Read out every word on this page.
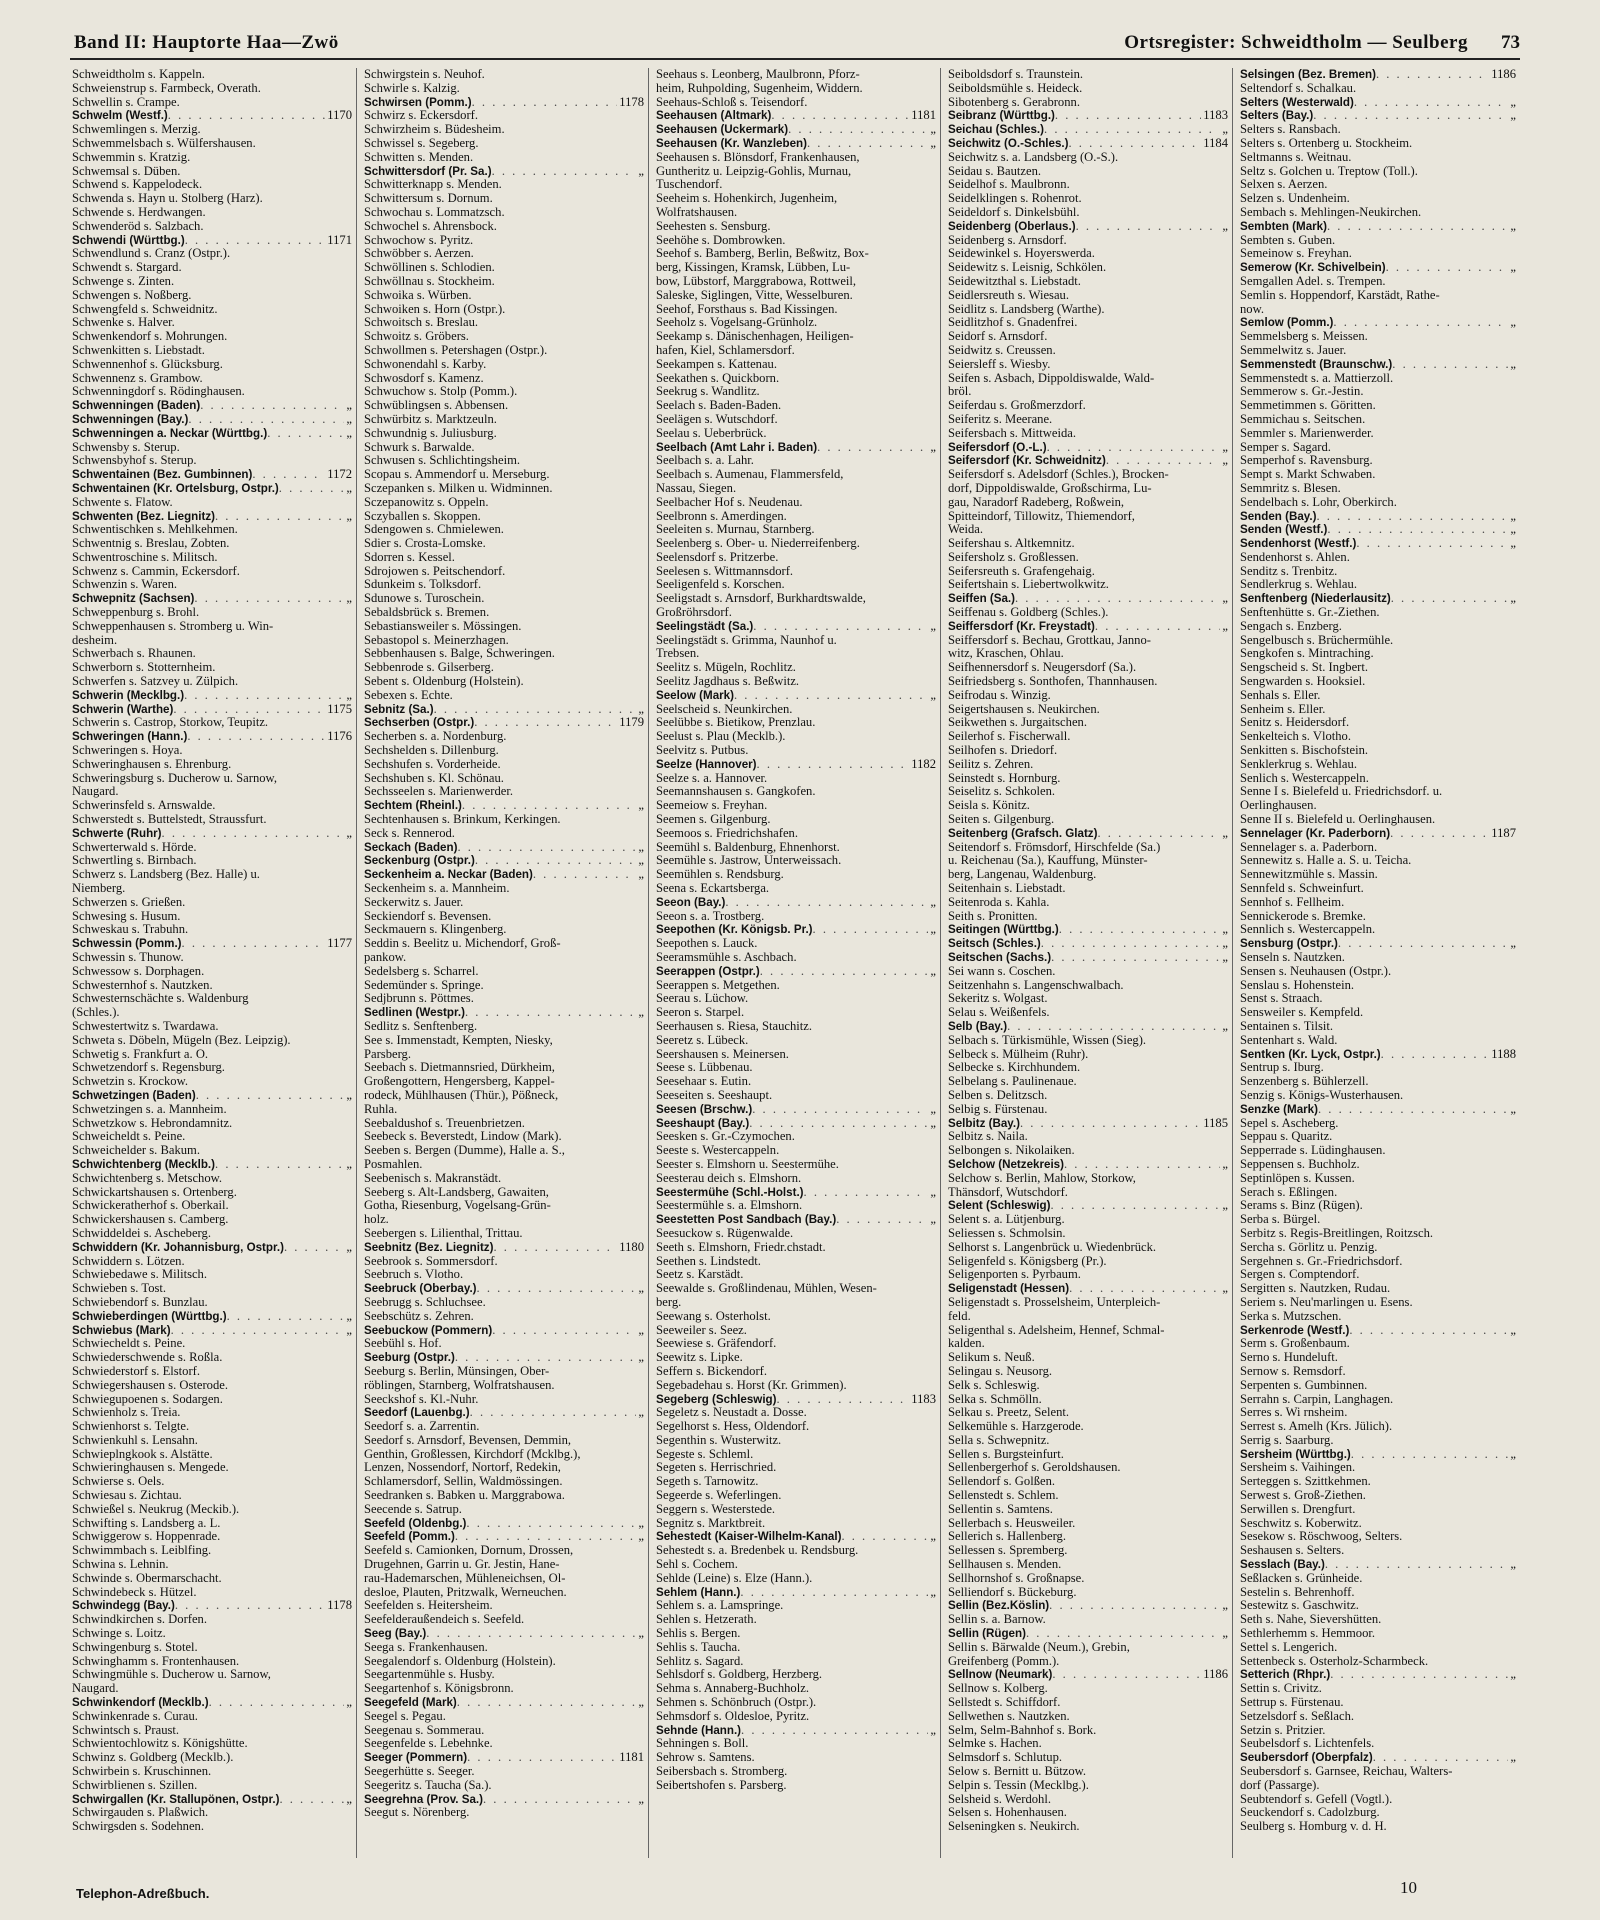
Band II: Hauptorte Haa—Zwö	Ortsregister: Schweidtholm — Seulberg 73
Schweidtholm s. Kappeln.
Schweienstrup s. Farmbeck, Overath.
Schwellin s. Crampe.
Schwelm (Westf.) . . .	1170
Schwemlingen s. Merzig.
Schwemmelsbach s. Wülfershausen.
Schwemmin s. Kratzig.
Schwemsal s. Düben.
Schwend s. Kappelodeck.
Schwenda s. Hayn u. Stolberg (Harz).
Schwende s. Herdwangen.
Schwenderöd s. Salzbach.
Schwendi (Württbg.) . . .	1171
Schwendlund s. Cranz (Ostpr.).
Schwendt s. Stargard.
Schwenge s. Zinten.
Schwengen s. Noßberg.
Schwengfeld s. Schweidnitz.
Schwenke s. Halver.
Schwenkendorf s. Mohrungen.
Schwenkitten s. Liebstadt.
Schwennenhof s. Glücksburg.
Schwennenz s. Grambow.
Schwenningdorf s. Rödinghausen.
Schwenningen (Baden) . . .	„
Schwenningen (Bay.) . . .	„
Schwenningen a. Neckar (Württbg.) . . .	„
Schwensby s. Sterup.
Schwensbyhof s. Sterup.
Schwentainen (Bez. Gumbinnen) . . .	1172
Schwentainen (Kr. Ortelsburg, Ostpr.) . . .	„
Schwente s. Flatow.
Schwenten (Bez. Liegnitz) . . .	„
Schwentischken s. Mehlkehmen.
Schwentnig s. Breslau, Zobten.
Schwentroschine s. Militsch.
Schwenz s. Cammin, Eckersdorf.
Schwenzin s. Waren.
Schwepnitz (Sachsen) . . .	„
Schweppenburg s. Brohl.
Schweppenhausen s. Stromberg u. Win-
desheim.
Schwerbach s. Rhaunen.
Schwerborn s. Stotternheim.
Schwerfen s. Satzvey u. Zülpich.
Schwerin (Mecklbg.) . . .	„
Schwerin (Warthe) . . .	1175
Schwerin s. Castrop, Storkow, Teupitz.
Schweringen (Hann.) . . .	1176
Schweringen s. Hoya.
Schweringhausen s. Ehrenburg.
Schweringsburg s. Ducherow u. Sarnow,
Naugard.
Schwerinsfeld s. Arnswalde.
Schwerstedt s. Buttelstedt, Straussfurt.
Schwerte (Ruhr) . . .	„
Schwerterwald s. Hörde.
Schwertling s. Birnbach.
Schwerz s. Landsberg (Bez. Halle) u.
Niemberg.
Schwerzen s. Grießen.
Schwesing s. Husum.
Schweskau s. Trabuhn.
Schwessin (Pomm.) . . .	1177
Schwessin s. Thunow.
Schwessow s. Dorphagen.
Schwesternhof s. Nautzken.
Schwesternschächte s. Waldenburg
(Schles.).
Schwestertwitz s. Twardawa.
Schweta s. Döbeln, Mügeln (Bez. Leipzig).
Schwetig s. Frankfurt a. O.
Schwetzendorf s. Regensburg.
Schwetzin s. Krockow.
Schwetzingen (Baden) . . .	„
Schwetzingen s. a. Mannheim.
Schwetzkow s. Hebrondamnitz.
Schweicheldt s. Peine.
Schweichelder s. Bakum.
Schwichtenberg (Mecklb.) . . .	„
Schwichtenberg s. Metschow.
Schwickartshausen s. Ortenberg.
Schwickeratherhof s. Oberkail.
Schwickershausen s. Camberg.
Schwiddeldei s. Ascheberg.
Schwiddern (Kr. Johannisburg, Ostpr.) . . .	„
Schwiddern s. Lötzen.
Schwiebedawe s. Militsch.
Schwieben s. Tost.
Schwiebendorf s. Bunzlau.
Schwieberdingen (Württbg.) . . .	„
Schwiebus (Mark) . . .	„
Schwiecheldt s. Peine.
Schwiederschwende s. Roßla.
Schwiederstorf s. Elstorf.
Schwiegershausen s. Osterode.
Schwiegupoenen s. Sodargen.
Schwienholz s. Treia.
Schwienhorst s. Telgte.
Schwienkuhl s. Lensahn.
Schwieplngkook s. Alstätte.
Schwieringhausen s. Mengede.
Schwierse s. Oels.
Schwiesau s. Zichtau.
Schwießel s. Neukrug (Meckib.).
Schwifting s. Landsberg a. L.
Schwiggerow s. Hoppenrade.
Schwimmbach s. Leiblfing.
Schwina s. Lehnin.
Schwinde s. Obermarschacht.
Schwindebeck s. Hützel.
Schwindegg (Bay.) . . .	1178
Schwindkirchen s. Dorfen.
Schwinge s. Loitz.
Schwingenburg s. Stotel.
Schwinghamm s. Frontenhausen.
Schwingmühle s. Ducherow u. Sarnow,
Naugard.
Schwinkendorf (Mecklb.) . . .	„
Schwinkenrade s. Curau.
Schwintsch s. Praust.
Schwientochlowitz s. Königshütte.
Schwinz s. Goldberg (Mecklb.).
Schwirbein s. Kruschinnen.
Schwirblienen s. Szillen.
Schwirgallen (Kr. Stallupönen, Ostpr.) . . .	„
Schwirgauden s. Plaßwich.
Schwirgsden s. Sodehnen.
Schwirgstein s. Neuhof.
Schwirle s. Kalzig.
Schwirsen (Pomm.) . . .	1178
Schwirz s. Eckersdorf.
Schwirzheim s. Büdesheim.
Schwissel s. Segeberg.
Schwitten s. Menden.
Schwittersdorf (Pr. Sa.) . . .	„
Schwitterknapp s. Menden.
Schwittersum s. Dornum.
Schwochau s. Lommatzsch.
Schwochel s. Ahrensbock.
Schwochow s. Pyritz.
Schwöbber s. Aerzen.
Schwöllinen s. Schlodien.
Schwöllnau s. Stockheim.
Schwoika s. Würben.
Schwoiken s. Horn (Ostpr.).
Schwoitsch s. Breslau.
Schwoitz s. Gröbers.
Schwollmen s. Petershagen (Ostpr.).
Schwonendahl s. Karby.
Schwosdorf s. Kamenz.
Schwuchow s. Stolp (Pomm.).
Schwüblingsen s. Abbensen.
Schwürbitz s. Marktzeuln.
Schwundnig s. Juliusburg.
Schwurk s. Barwalde.
Schwusen s. Schlichtingsheim.
Scopau s. Ammendorf u. Merseburg.
Sczepanken s. Milken u. Widminnen.
Sczepanowitz s. Oppeln.
Sczyballen s. Skoppen.
Sdengowen s. Chmielewen.
Sdier s. Crosta-Lomske.
Sdorren s. Kessel.
Sdrojowen s. Peitschendorf.
Sdunkeim s. Tolksdorf.
Sdunowe s. Turoschein.
Sebaldsbrück s. Bremen.
Sebastiansweiler s. Mössingen.
Sebastopol s. Meinerzhagen.
Sebbenhausen s. Balge, Schweringen.
Sebbenrode s. Gilserberg.
Sebent s. Oldenburg (Holstein).
Sebexen s. Echte.
Sebnitz (Sa.) . . .	„
Sechserben (Ostpr.) . . .	1179
Secherben s. a. Nordenburg.
Sechshelden s. Dillenburg.
Sechshufen s. Vorderheide.
Sechshuben s. Kl. Schönau.
Sechsseelen s. Marienwerder.
Sechtem (Rheinl.) . . .	„
Sechtenhausen s. Brinkum, Kerkingen.
Seck s. Rennerod.
Seckach (Baden) . . .	„
Seckenburg (Ostpr.) . . .	„
Seckenheim a. Neckar (Baden) . . .	„
Seckenheim s. a. Mannheim.
Seckerwitz s. Jauer.
Seckiendorf s. Bevensen.
Seckmauern s. Klingenberg.
Seddin s. Beelitz u. Michendorf, Groß-
pankow.
Sedelsberg s. Scharrel.
Sedemünder s. Springe.
Sedjbrunn s. Pöttmes.
Sedlinen (Westpr.) . . .	„
Sedlitz s. Senftenberg.
See s. Immenstadt, Kempten, Niesky,
Parsberg.
Seebach s. Dietmannsried, Dürkheim,
Großengottern, Hengersberg, Kappel-
rodeck, Mühlhausen (Thür.), Pößneck,
Ruhla.
Seebaldushof s. Treuenbrietzen.
Seebeck s. Beverstedt, Lindow (Mark).
Seeben s. Bergen (Dumme), Halle a. S.,
Posmahlen.
Seebenisch s. Makranstädt.
Seeberg s. Alt-Landsberg, Gawaiten,
Gotha, Riesenburg, Vogelsang-Grün-
holz.
Seebergen s. Lilienthal, Trittau.
Seebnitz (Bez. Liegnitz) . . .	1180
Seebrook s. Sommersdorf.
Seebruch s. Vlotho.
Seebruck (Oberbay.) . . .	„
Seebrugg s. Schluchsee.
Seebschütz s. Zehren.
Seebuckow (Pommern) . . .	„
Seebühl s. Hof.
Seeburg (Ostpr.) . . .	„
Seeburg s. Berlin, Münsingen, Ober-
röblingen, Starnberg, Wolfratshausen.
Seeckshof s. Kl.-Nuhr.
Seedorf (Lauenbg.) . . .	„
Seedorf s. a. Zarrentin.
Seedorf s. Arnsdorf, Bevensen, Demmin,
Genthin, Großlessen, Kirchdorf (Mcklbg.),
Lenzen, Nossendorf, Nortorf, Redekin,
Schlamersdorf, Sellin, Waldmössingen.
Seedranken s. Babken u. Marggrabowa.
Seecende s. Satrup.
Seefeld (Oldenbg.) . . .	„
Seefeld (Pomm.) . . .	„
Seefeld s. Camionken, Dornum, Drossen,
Drugehnen, Garrin u. Gr. Jestin, Hane-
rau-Hademarschen, Mühleneichsen, Ol-
desloe, Plauten, Pritzwalk, Werneuchen.
Seefelden s. Heitersheim.
Seefelderaußendeich s. Seefeld.
Seeg (Bay.) . . .	„
Seega s. Frankenhausen.
Seegalendorf s. Oldenburg (Holstein).
Seegartenmühle s. Husby.
Seegartenhof s. Königsbronn.
Seegefeld (Mark) . . .	„
Seegel s. Pegau.
Seegenau s. Sommerau.
Seegenfelde s. Lebehnke.
Seeger (Pommern) . . .	1181
Seegerhütte s. Seeger.
Seegeritz s. Taucha (Sa.).
Seegrehna (Prov. Sa.) . . .	„
Seegut s. Nörenberg.
Seehaus s. Leonberg, Maulbronn, Pforz-
heim, Ruhpolding, Sugenheim, Widdern.
Seehaus-Schloß s. Teisendorf.
Seehausen (Altmark) . . .	1181
Seehausen (Uckermark) . . .	„
Seehausen (Kr. Wanzleben) . . .	„
Seehausen s. Blönsdorf, Frankenhausen,
Guntheritz u. Leipzig-Gohlis, Murnau,
Tuschendorf.
Seeheim s. Hohenkirch, Jugenheim,
Wolfratshausen.
Seehesten s. Sensburg.
Seehöhe s. Dombrowken.
Seehof s. Bamberg, Berlin, Beßwitz, Box-
berg, Kissingen, Kramsk, Lübben, Lu-
bow, Lübstorf, Marggrabowa, Rottweil,
Saleske, Siglingen, Vitte, Wesselburen.
Seehof, Forsthaus s. Bad Kissingen.
Seeholz s. Vogelsang-Grünholz.
Seekamp s. Dänischenhagen, Heiligen-
hafen, Kiel, Schlamersdorf.
Seekampen s. Kattenau.
Seekathen s. Quickborn.
Seekrug s. Wandlitz.
Seelach s. Baden-Baden.
Seelägen s. Wutschdorf.
Seelau s. Ueberbrück.
Seelbach (Amt Lahr i. Baden) . . .	„
Seelbach s. a. Lahr.
Seelbach s. Aumenau, Flammersfeld,
Nassau, Siegen.
Seelbacher Hof s. Neudenau.
Seelbronn s. Amerdingen.
Seeleiten s. Murnau, Starnberg.
Seelenberg s. Ober- u. Niederreifenberg.
Seelensdorf s. Pritzerbe.
Seelesen s. Wittmannsdorf.
Seeligenfeld s. Korschen.
Seeligstadt s. Arnsdorf, Burkhardtswalde,
Großröhrsdorf.
Seelingstädt (Sa.) . . .	„
Seelingstädt s. Grimma, Naunhof u.
Trebsen.
Seelitz s. Mügeln, Rochlitz.
Seelitz Jagdhaus s. Beßwitz.
Seelow (Mark) . . .	„
Seelscheid s. Neunkirchen.
Seelübbe s. Bietikow, Prenzlau.
Seelust s. Plau (Mecklb.).
Seelvitz s. Putbus.
Seelze (Hannover) . . .	1182
Seelze s. a. Hannover.
Seemannshausen s. Gangkofen.
Seemeiow s. Freyhan.
Seemen s. Gilgenburg.
Seemoos s. Friedrichshafen.
Seemühl s. Baldenburg, Ehnenhorst.
Seemühle s. Jastrow, Unterweissach.
Seemühlen s. Rendsburg.
Seena s. Eckartsberga.
Seeon (Bay.) . . .	„
Seeon s. a. Trostberg.
Seepothen (Kr. Königsb. Pr.) . . .	„
Seepothen s. Lauck.
Seeramsmühle s. Aschbach.
Seerappen (Ostpr.) . . .	„
Seerappen s. Metgethen.
Seerau s. Lüchow.
Seeron s. Starpel.
Seerhausen s. Riesa, Stauchitz.
Seeretz s. Lübeck.
Seershausen s. Meinersen.
Seese s. Lübbenau.
Seesehaar s. Eutin.
Seeseiten s. Seeshaupt.
Seesen (Brschw.) . . .	„
Seeshaupt (Bay.) . . .	„
Seesken s. Gr.-Czymochen.
Seeste s. Westercappeln.
Seester s. Elmshorn u. Seestermühe.
Seesterau deich s. Elmshorn.
Seestermühe (Schl.-Holst.) . . .	„
Seestermühle s. a. Elmshorn.
Seestetten Post Sandbach (Bay.) . . .	„
Seesuckow s. Rügenwalde.
Seeth s. Elmshorn, Friedr.chstadt.
Seethen s. Lindstedt.
Seetz s. Karstädt.
Seewalde s. Großlindenau, Mühlen, Wesen-
berg.
Seewang s. Osterholst.
Seeweiler s. Seez.
Seewiese s. Gräfendorf.
Seewitz s. Lipke.
Seffern s. Bickendorf.
Segebadehau s. Horst (Kr. Grimmen).
Segeberg (Schleswig) . . .	1183
Segeletz s. Neustadt a. Dosse.
Segelhorst s. Hess, Oldendorf.
Segenthin s. Wusterwitz.
Segeste s. Schleml.
Segeten s. Herrischried.
Segeth s. Tarnowitz.
Segeerde s. Weferlingen.
Seggern s. Westerstede.
Segnitz s. Marktbreit.
Sehestedt (Kaiser-Wilhelm-Kanal) . . .	„
Sehestedt s. a. Bredenbek u. Rendsburg.
Sehl s. Cochem.
Sehlde (Leine) s. Elze (Hann.).
Sehlem (Hann.) . . .	„
Sehlem s. a. Lamspringe.
Sehlen s. Hetzerath.
Sehlis s. Bergen.
Sehlis s. Taucha.
Sehlitz s. Sagard.
Sehlsdorf s. Goldberg, Herzberg.
Sehma s. Annaberg-Buchholz.
Sehmen s. Schönbruch (Ostpr.).
Sehmsdorf s. Oldesloe, Pyritz.
Sehnde (Hann.) . . .	„
Sehningen s. Boll.
Sehrow s. Samtens.
Seibersbach s. Stromberg.
Seibertshofen s. Parsberg.
Seiboldsdorf s. Traunstein.
Seiboldsmühle s. Heideck.
Sibotenberg s. Gerabronn.
Seibranz (Württbg.) . . .	1183
Seichau (Schles.) . . .	„
Seichwitz (O.-Schles.) . . .	1184
Seichwitz s. a. Landsberg (O.-S.).
Seidau s. Bautzen.
Seidelhof s. Maulbronn.
Seidelklingen s. Rohenrot.
Seideldorf s. Dinkelsbühl.
Seidenberg (Oberlaus.) . . .	„
Seidenberg s. Arnsdorf.
Seidewinkel s. Hoyerswerda.
Seidewitz s. Leisnig, Schkölen.
Seidewitzthal s. Liebstadt.
Seidlersreuth s. Wiesau.
Seidlitz s. Landsberg (Warthe).
Seidlitzhof s. Gnadenfrei.
Seidorf s. Arnsdorf.
Seidwitz s. Creussen.
Seiersleff s. Wiesby.
Seifen s. Asbach, Dippoldiswalde, Wald-
bröl.
Seiferdau s. Großmerzdorf.
Seiferitz s. Meerane.
Seifersbach s. Mittweida.
Seifersdorf (O.-L.) . . .	„
Seifersdorf (Kr. Schweidnitz) . . .	„
Seifersdorf s. Adelsdorf (Schles.), Brocken-
dorf, Dippoldiswalde, Großschirma, Lu-
gau, Naradorf Radeberg, Roßwein,
Spitteindorf, Tillowitz, Thiemendorf,
Weida.
Seifershau s. Altkemnitz.
Seifersholz s. Großlessen.
Seifersreuth s. Grafengehaig.
Seifertshain s. Liebertwolkwitz.
Seiffen (Sa.) . . .	„
Seiffenau s. Goldberg (Schles.).
Seiffersdorf (Kr. Freystadt) . . .	„
Seiffersdorf s. Bechau, Grottkau, Janno-
witz, Kraschen, Ohlau.
Seifhennersdorf s. Neugersdorf (Sa.).
Seifriedsberg s. Sonthofen, Thannhausen.
Seifrodau s. Winzig.
Seigertshausen s. Neukirchen.
Seikwethen s. Jurgaitschen.
Seilerhof s. Fischerwall.
Seilhofen s. Driedorf.
Seilitz s. Zehren.
Seinstedt s. Hornburg.
Seiselitz s. Schkolen.
Seisla s. Könitz.
Seiten s. Gilgenburg.
Seitenberg (Grafsch. Glatz) . . .	„
Seitendorf s. Frömsdorf, Hirschfelde (Sa.)
u. Reichenau (Sa.), Kauffung, Münster-
berg, Langenau, Waldenburg.
Seitenhain s. Liebstadt.
Seitenroda s. Kahla.
Seith s. Pronitten.
Seitingen (Württbg.) . . .	„
Seitsch (Schles.) . . .	„
Seitschen (Sachs.) . . .	„
Sei wann s. Coschen.
Seitzenhahn s. Langenschwalbach.
Sekeritz s. Wolgast.
Selau s. Weißenfels.
Selb (Bay.) . . .	„
Selbach s. Türkismühle, Wissen (Sieg).
Selbeck s. Mülheim (Ruhr).
Selbecke s. Kirchhundem.
Selbelang s. Paulinenaue.
Selben s. Delitzsch.
Selbig s. Fürstenau.
Selbitz (Bay.) . . .	1185
Selbitz s. Naila.
Selbongen s. Nikolaiken.
Selchow (Netzekreis) . . .	„
Selchow s. Berlin, Mahlow, Storkow,
Thänsdorf, Wutschdorf.
Selent (Schleswig) . . .	„
Selent s. a. Lütjenburg.
Seliessen s. Schmolsin.
Selhorst s. Langenbrück u. Wiedenbrück.
Seligenfeld s. Königsberg (Pr.).
Seligenporten s. Pyrbaum.
Seligenstadt (Hessen) . . .	„
Seligenstadt s. Prosselsheim, Unterpleich-
feld.
Seligenthal s. Adelsheim, Hennef, Schmal-
kalden.
Selikum s. Neuß.
Selingau s. Neusorg.
Selk s. Schleswig.
Selka s. Schmölln.
Selkau s. Preetz, Selent.
Selkemühle s. Harzgerode.
Sella s. Schwepnitz.
Sellen s. Burgsteinfurt.
Sellenbergerhof s. Geroldshausen.
Sellendorf s. Golßen.
Sellenstedt s. Schlem.
Sellentin s. Samtens.
Sellerbach s. Heusweiler.
Sellerich s. Hallenberg.
Sellessen s. Spremberg.
Sellhausen s. Menden.
Sellhornshof s. Großnapse.
Selliendorf s. Bückeburg.
Sellin (Bez.Köslin) . . .	„
Sellin s. a. Barnow.
Sellin (Rügen) . . .	„
Sellin s. Bärwalde (Neum.), Grebin,
Greifenberg (Pomm.).
Sellnow (Neumark) . . .	1186
Sellnow s. Kolberg.
Sellstedt s. Schiffdorf.
Sellwethen s. Nautzken.
Selm, Selm-Bahnhof s. Bork.
Selmke s. Hachen.
Selmsdorf s. Schlutup.
Selow s. Bernitt u. Bützow.
Selpin s. Tessin (Mecklbg.).
Selsheid s. Werdohl.
Selsen s. Hohenhausen.
Selseningken s. Neukirch.
Selsingen (Bez. Bremen) . . .	1186
Seltendorf s. Schalkau.
Selters (Westerwald) . . .	„
Selters (Bay.) . . .	„
Selters s. Ransbach.
Selters s. Ortenberg u. Stockheim.
Seltmanns s. Weitnau.
Seltz s. Golchen u. Treptow (Toll.).
Selxen s. Aerzen.
Selzen s. Undenheim.
Sembach s. Mehlingen-Neukirchen.
Sembten (Mark) . . .	„
Sembten s. Guben.
Semeinow s. Freyhan.
Semerow (Kr. Schivelbein) . . .	„
Semgallen Adel. s. Trempen.
Semlin s. Hoppendorf, Karstädt, Rathe-
now.
Semlow (Pomm.) . . .	„
Semmelsberg s. Meissen.
Semmelwitz s. Jauer.
Semmenstedt (Braunschw.) . . .	„
Semmenstedt s. a. Mattierzoll.
Semmerow s. Gr.-Jestin.
Semmetimmen s. Göritten.
Semmichau s. Seitschen.
Semmler s. Marienwerder.
Semper s. Sagard.
Semperhof s. Ravensburg.
Sempt s. Markt Schwaben.
Semmritz s. Blesen.
Sendelbach s. Lohr, Oberkirch.
Senden (Bay.) . . .	„
Senden (Westf.) . . .	„
Sendenhorst (Westf.) . . .	„
Sendenhorst s. Ahlen.
Senditz s. Trenbitz.
Sendlerkrug s. Wehlau.
Senftenberg (Niederlausitz) . . .	„
Senftenhütte s. Gr.-Ziethen.
Sengach s. Enzberg.
Sengelbusch s. Brüchermühle.
Sengkofen s. Mintraching.
Sengscheid s. St. Ingbert.
Sengwarden s. Hooksiel.
Senhals s. Eller.
Senheim s. Eller.
Senitz s. Heidersdorf.
Senkelteich s. Vlotho.
Senkitten s. Bischofstein.
Senklerkrug s. Wehlau.
Senlich s. Westercappeln.
Senne I s. Bielefeld u. Friedrichsdorf. u.
Oerlinghausen.
Senne II s. Bielefeld u. Oerlinghausen.
Sennelager (Kr. Paderborn) . . .	1187
Sennelager s. a. Paderborn.
Sennewitz s. Halle a. S. u. Teicha.
Sennewitzmühle s. Massin.
Sennfeld s. Schweinfurt.
Sennhof s. Fellheim.
Sennickerode s. Bremke.
Sennlich s. Westercappeln.
Sensburg (Ostpr.) . . .	„
Senseln s. Nautzken.
Sensen s. Neuhausen (Ostpr.).
Senslau s. Hohenstein.
Senst s. Straach.
Sensweiler s. Kempfeld.
Sentainen s. Tilsit.
Sentenhart s. Wald.
Sentken (Kr. Lyck, Ostpr.) . . .	1188
Sentrup s. Iburg.
Senzenberg s. Bühlerzell.
Senzig s. Königs-Wusterhausen.
Senzke (Mark) . . .	„
Sepel s. Ascheberg.
Seppau s. Quaritz.
Sepperrade s. Lüdinghausen.
Seppensen s. Buchholz.
Septinlöpen s. Kussen.
Serach s. Eßlingen.
Serams s. Binz (Rügen).
Serba s. Bürgel.
Serbitz s. Regis-Breitlingen, Roitzsch.
Sercha s. Görlitz u. Penzig.
Sergehnen s. Gr.-Friedrichsdorf.
Sergen s. Comptendorf.
Sergitten s. Nautzken, Rudau.
Seriem s. Neu'marlingen u. Esens.
Serka s. Mutzschen.
Serkenrode (Westf.) . . .	„
Serm s. Großenbaum.
Serno s. Hundeluft.
Sernow s. Remsdorf.
Serpenten s. Gumbinnen.
Serrahn s. Carpin, Langhagen.
Serres s. Wi rnsheim.
Serrest s. Amelh (Krs. Jülich).
Serrig s. Saarburg.
Sersheim (Württbg.) . . .	„
Sersheim s. Vaihingen.
Serteggen s. Szittkehmen.
Serwest s. Groß-Ziethen.
Serwillen s. Drengfurt.
Seschwitz s. Koberwitz.
Sesekow s. Röschwoog, Selters.
Seshausen s. Selters.
Sesslach (Bay.) . . .	„
Seßlacken s. Grünheide.
Sestelin s. Behrenhoff.
Sestewitz s. Gaschwitz.
Seth s. Nahe, Sievershütten.
Sethlerhemm s. Hemmoor.
Settel s. Lengerich.
Settenbeck s. Osterholz-Scharmbeck.
Setterich (Rhpr.) . . .	„
Settin s. Crivitz.
Settrup s. Fürstenau.
Setzelsdorf s. Seßlach.
Setzin s. Pritzier.
Seubelsdorf s. Lichtenfels.
Seubersdorf (Oberpfalz) . . .	„
Seubersdorf s. Garnsee, Reichau, Walters-
dorf (Passarge).
Seubtendorf s. Gefell (Vogtl.).
Seuckendorf s. Cadolzburg.
Seulberg s. Homburg v. d. H.
Telephon-Adreßbuch.	10
